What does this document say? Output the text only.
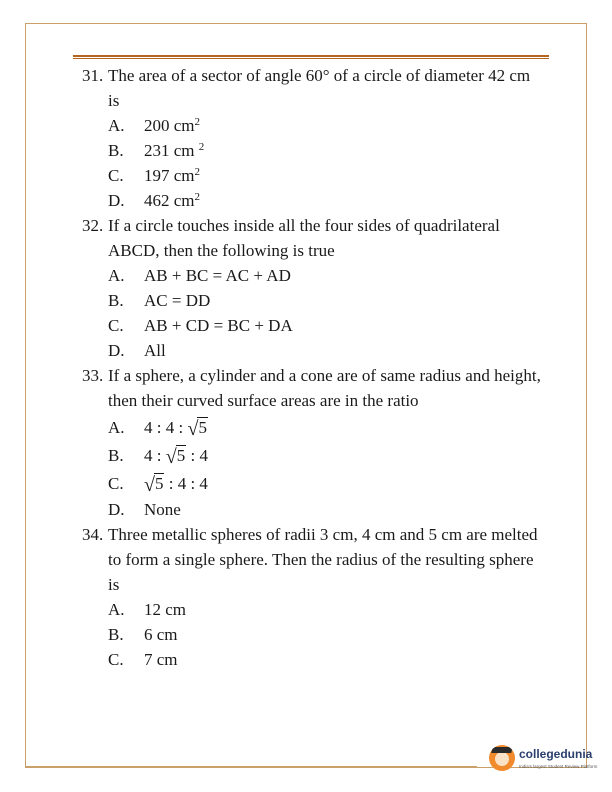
31. The area of a sector of angle 60° of a circle of diameter 42 cm is
A. 200 $cm^2$
B. 231 cm $^2$
C. 197 $cm^2$
D. 462 $cm^2$
32. If a circle touches inside all the four sides of quadrilateral ABCD, then the following is true
A. AB + BC = AC + AD
B. AC = DD
C. AB + CD = BC + DA
D. All
33. If a sphere, a cylinder and a cone are of same radius and height, then their curved surface areas are in the ratio
A. 4 : 4 : √5
B. 4 : √5 : 4
C. √5 : 4 : 4
D. None
34. Three metallic spheres of radii 3 cm, 4 cm and 5 cm are melted to form a single sphere. Then the radius of the resulting sphere is
A. 12 cm
B. 6 cm
C. 7 cm
collegedunia
India's largest Student Review Platform
